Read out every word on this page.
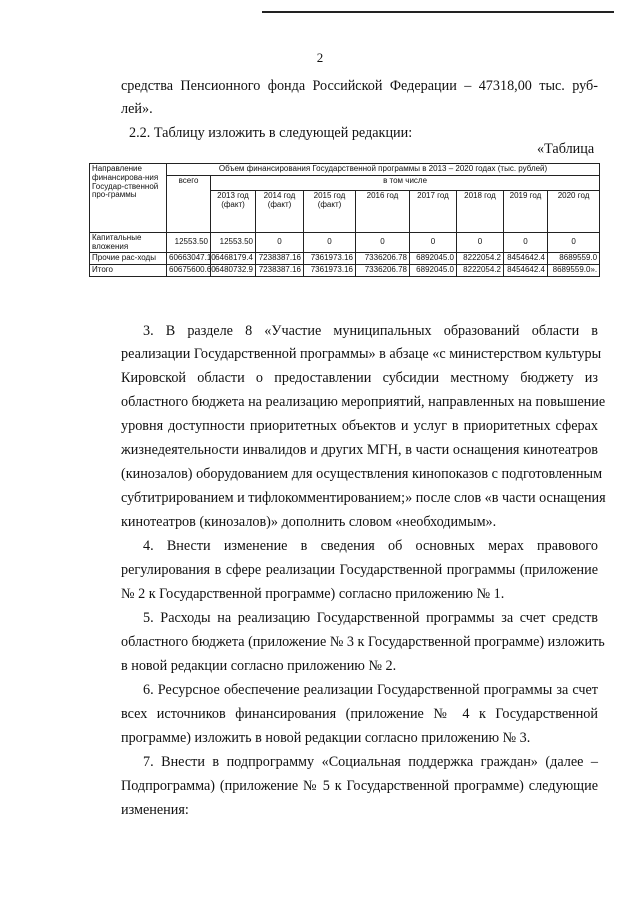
2
средства Пенсионного фонда Российской Федерации – 47318,00 тыс. руб-
лей».
2.2. Таблицу изложить в следующей редакции:
«Таблица
Направление финансирова-ния Государ-ственной про-граммы	Объем финансирования Государственной программы в 2013 – 2020 годах (тыс. рублей)								
	всего	в том числе							
		2013 год (факт)	2014 год (факт)	2015 год (факт)	2016 год	2017 год	2018 год	2019 год	2020 год
Капитальные вложения	12553.50	12553.50	0	0	0	0	0	0	0
Прочие рас-ходы	60663047.10	6468179.4	7238387.16	7361973.16	7336206.78	6892045.0	8222054.2	8454642.4	8689559.0
Итого	60675600.60	6480732.9	7238387.16	7361973.16	7336206.78	6892045.0	8222054.2	8454642.4	8689559.0».
3. В разделе 8 «Участие муниципальных образований области в
реализации Государственной программы» в абзаце «с министерством культуры
Кировской области о предоставлении субсидии местному бюджету из
областного бюджета на реализацию мероприятий, направленных на повышение
уровня доступности приоритетных объектов и услуг в приоритетных сферах
жизнедеятельности инвалидов и других МГН, в части оснащения кинотеатров
(кинозалов) оборудованием для осуществления кинопоказов с подготовленным
субтитрированием и тифлокомментированием;» после слов «в части оснащения
кинотеатров (кинозалов)» дополнить словом «необходимым».
4. Внести изменение в сведения об основных мерах правового
регулирования в сфере реализации Государственной программы (приложение
№ 2 к Государственной программе) согласно приложению № 1.
5. Расходы на реализацию Государственной программы за счет средств
областного бюджета (приложение № 3 к Государственной программе) изложить
в новой редакции согласно приложению № 2.
6. Ресурсное обеспечение реализации Государственной программы за счет
всех источников финансирования (приложение № 4 к Государственной
программе) изложить в новой редакции согласно приложению № 3.
7. Внести в подпрограмму «Социальная поддержка граждан» (далее –
Подпрограмма) (приложение № 5 к Государственной программе) следующие
изменения:
